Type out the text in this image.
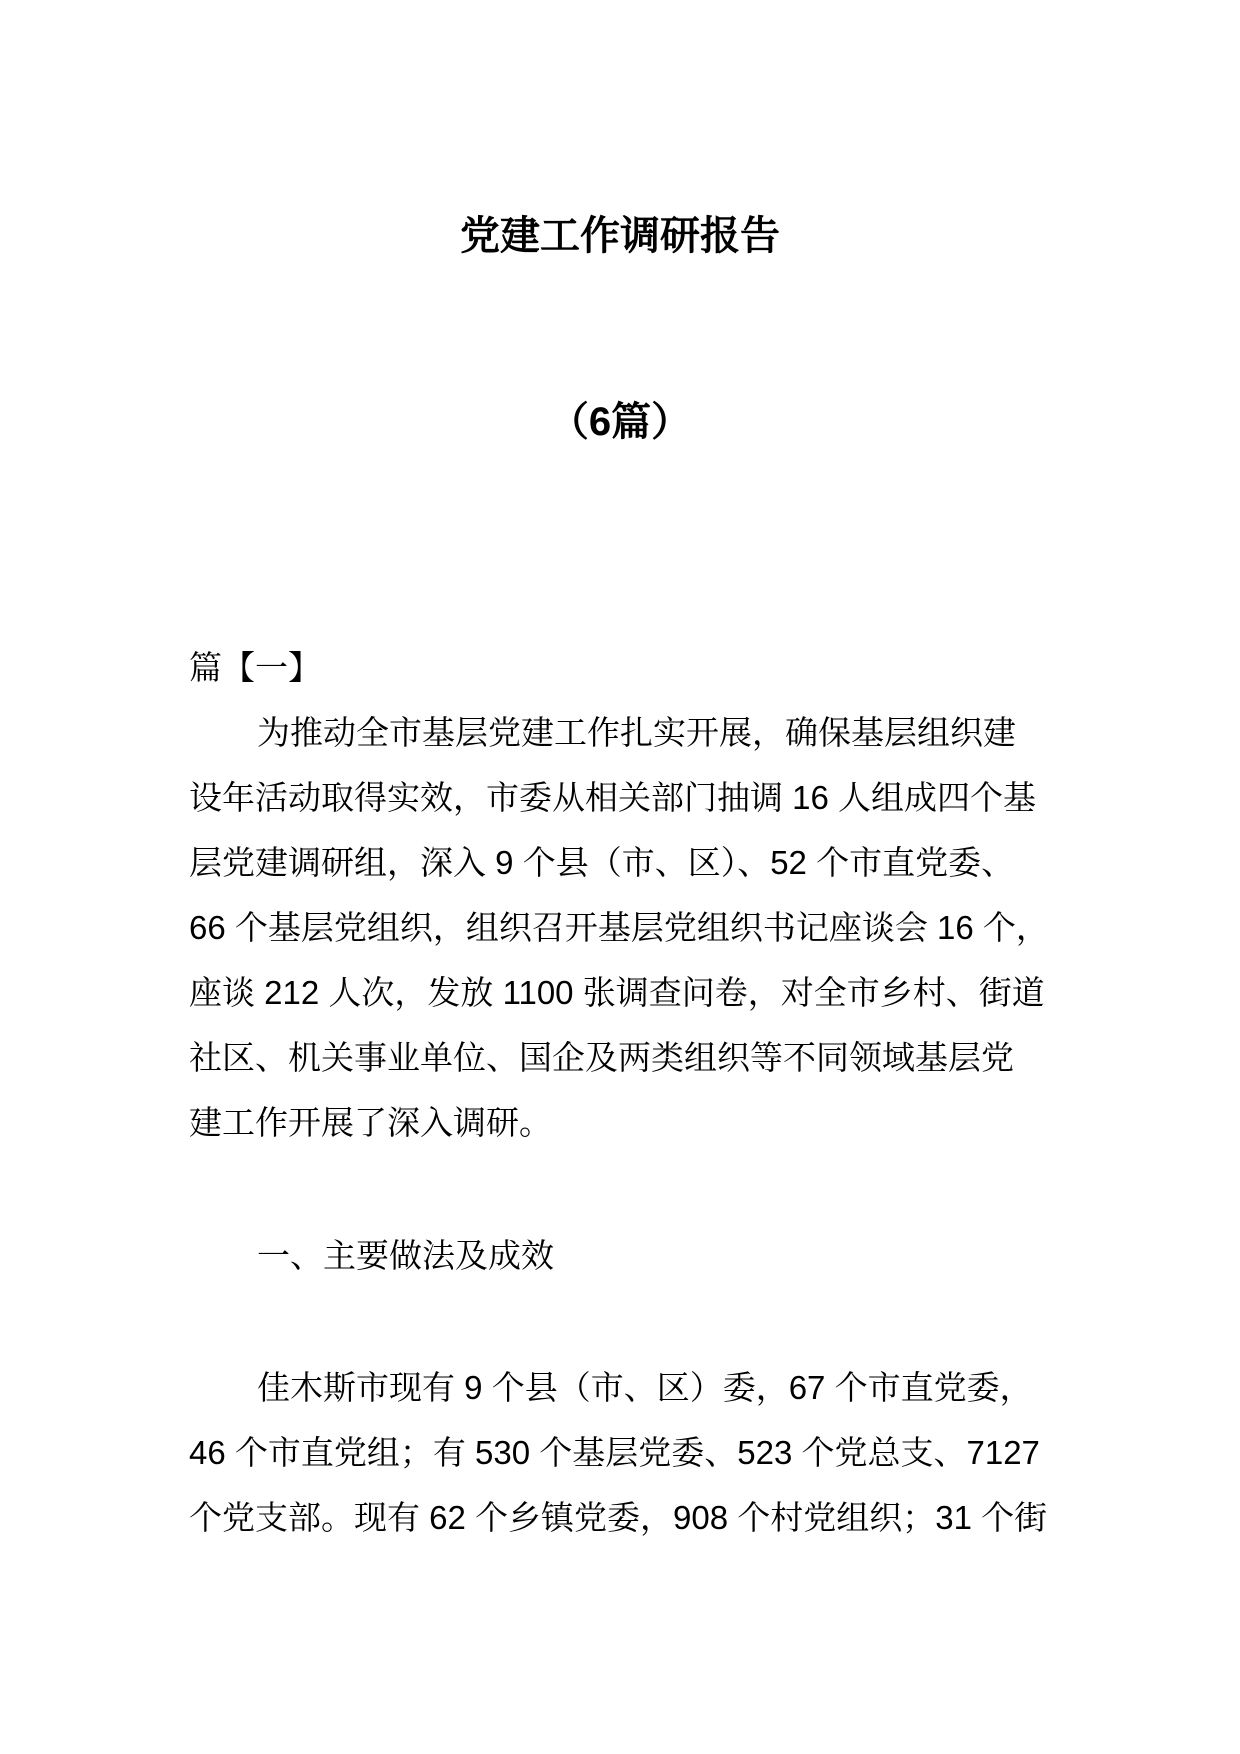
党建工作调研报告
（6篇）
篇【一】
为推动全市基层党建工作扎实开展，确保基层组织建
设年活动取得实效，市委从相关部门抽调 16 人组成四个基
层党建调研组，深入 9 个县（市、区）、52 个市直党委、
66 个基层党组织，组织召开基层党组织书记座谈会 16 个，
座谈 212 人次，发放 1100 张调查问卷，对全市乡村、街道
社区、机关事业单位、国企及两类组织等不同领域基层党
建工作开展了深入调研。
一、主要做法及成效
佳木斯市现有 9 个县（市、区）委，67 个市直党委，
46 个市直党组；有 530 个基层党委、523 个党总支、7127
个党支部。现有 62 个乡镇党委，908 个村党组织；31 个街
